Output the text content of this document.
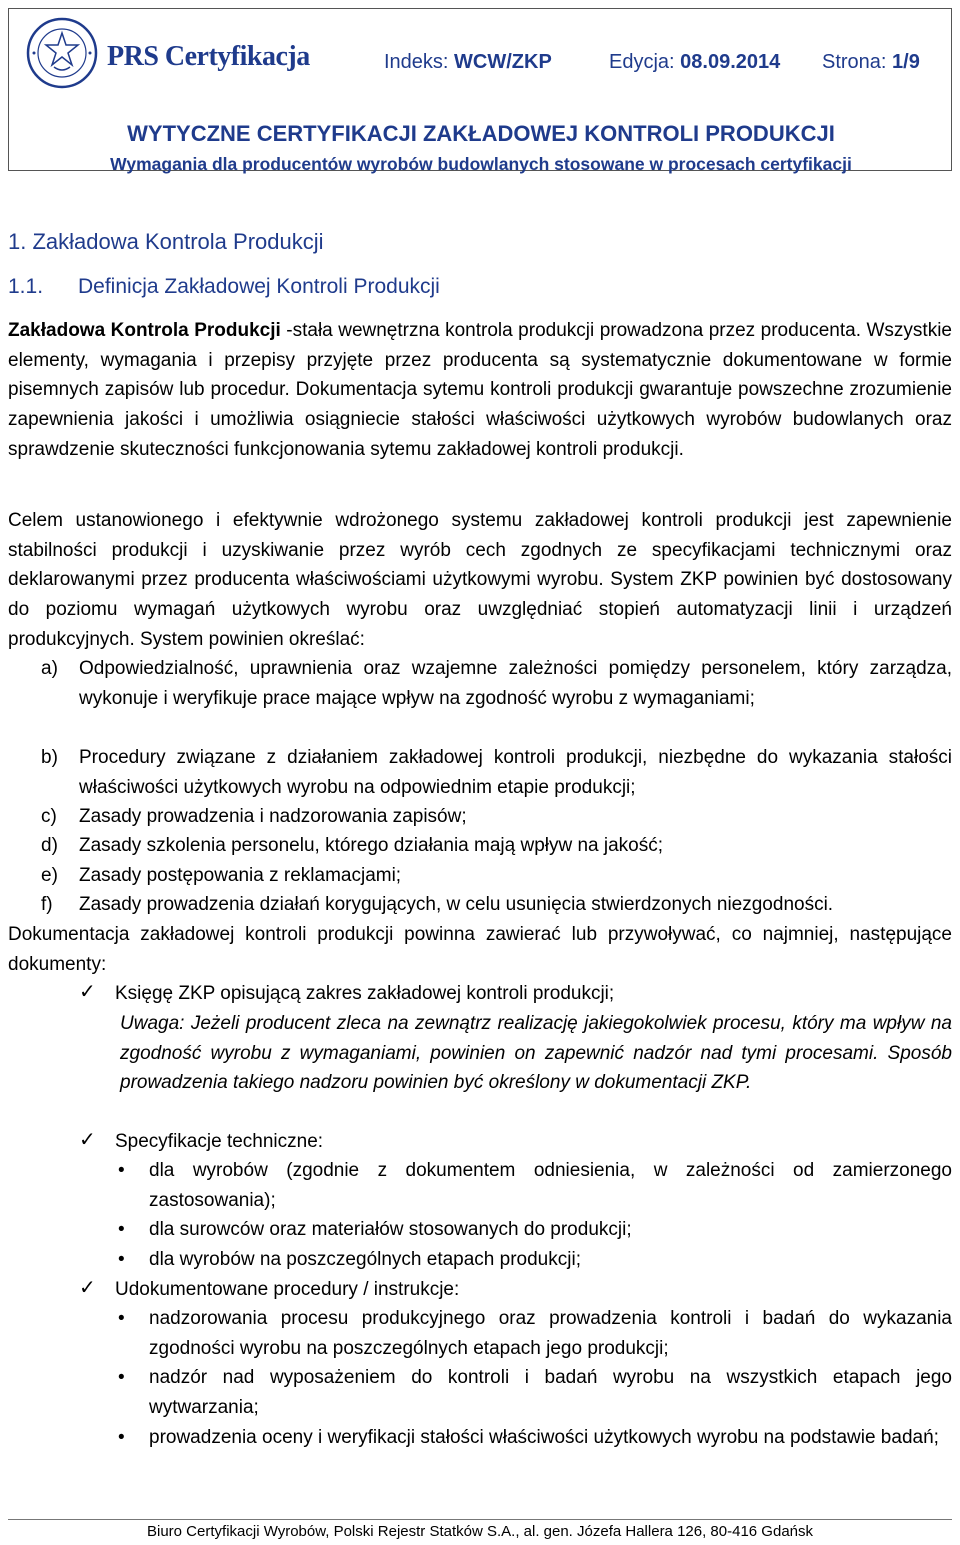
PRS Certyfikacja	Indeks: WCW/ZKP	Edycja: 08.09.2014 Strona: 1/9
WYTYCZNE CERTYFIKACJI ZAKŁADOWEJ KONTROLI PRODUKCJI
Wymagania dla producentów wyrobów budowlanych stosowane w procesach certyfikacji
1. Zakładowa Kontrola Produkcji
1.1. Definicja Zakładowej Kontroli Produkcji

Zakładowa Kontrola Produkcji -stała wewnętrzna kontrola produkcji prowadzona przez producenta. Wszystkie elementy, wymagania i przepisy przyjęte przez producenta są systematycznie dokumentowane w formie pisemnych zapisów lub procedur. Dokumentacja sytemu kontroli produkcji gwarantuje powszechne zrozumienie zapewnienia jakości i umożliwia osiągniecie stałości właściwości użytkowych wyrobów budowlanych oraz sprawdzenie skuteczności funkcjonowania sytemu zakładowej kontroli produkcji.

Celem ustanowionego i efektywnie wdrożonego systemu zakładowej kontroli produkcji jest zapewnienie stabilności produkcji i uzyskiwanie przez wyrób cech zgodnych ze specyfikacjami technicznymi oraz deklarowanymi przez producenta właściwościami użytkowymi wyrobu. System ZKP powinien być dostosowany do poziomu wymagań użytkowych wyrobu oraz uwzględniać stopień automatyzacji linii i urządzeń produkcyjnych. System powinien określać:

a) Odpowiedzialność, uprawnienia oraz wzajemne zależności pomiędzy personelem, który zarządza, wykonuje i weryfikuje prace mające wpływ na zgodność wyrobu z wymaganiami;
b) Procedury związane z działaniem zakładowej kontroli produkcji, niezbędne do wykazania stałości właściwości użytkowych wyrobu na odpowiednim etapie produkcji;
c) Zasady prowadzenia i nadzorowania zapisów;
d) Zasady szkolenia personelu, którego działania mają wpływ na jakość;
e) Zasady postępowania z reklamacjami;
f) Zasady prowadzenia działań korygujących, w celu usunięcia stwierdzonych niezgodności.

Dokumentacja zakładowej kontroli produkcji powinna zawierać lub przywoływać, co najmniej, następujące dokumenty:

✓ Księgę ZKP opisującą zakres zakładowej kontroli produkcji;
Uwaga: Jeżeli producent zleca na zewnątrz realizację jakiegokolwiek procesu, który ma wpływ na zgodność wyrobu z wymaganiami, powinien on zapewnić nadzór nad tymi procesami. Sposób prowadzenia takiego nadzoru powinien być określony w dokumentacji ZKP.
✓ Specyfikacje techniczne:
• dla wyrobów (zgodnie z dokumentem odniesienia, w zależności od zamierzonego zastosowania);
• dla surowców oraz materiałów stosowanych do produkcji;
• dla wyrobów na poszczególnych etapach produkcji;
✓ Udokumentowane procedury / instrukcje:
• nadzorowania procesu produkcyjnego oraz prowadzenia kontroli i badań do wykazania zgodności wyrobu na poszczególnych etapach jego produkcji;
• nadzór nad wyposażeniem do kontroli i badań wyrobu na wszystkich etapach jego wytwarzania;
• prowadzenia oceny i weryfikacji stałości właściwości użytkowych wyrobu na podstawie badań;
Biuro Certyfikacji Wyrobów, Polski Rejestr Statków S.A., al. gen. Józefa Hallera 126, 80-416 Gdańsk
